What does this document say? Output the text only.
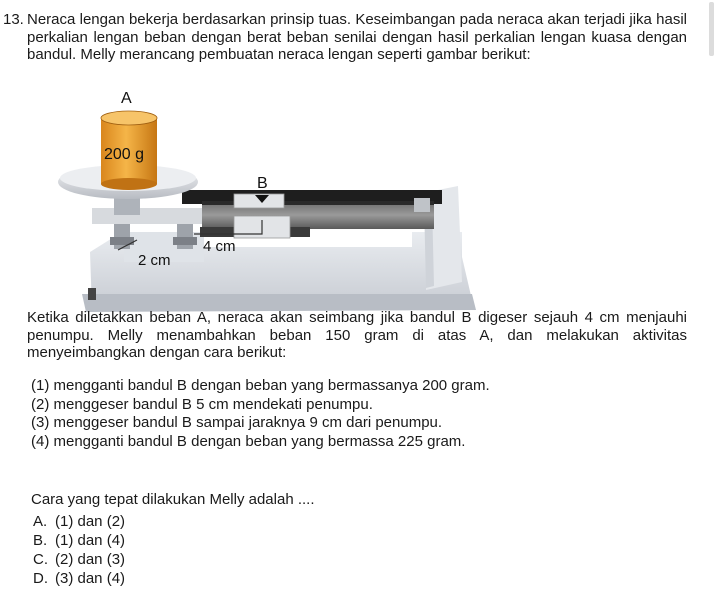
13. Neraca lengan bekerja berdasarkan prinsip tuas. Keseimbangan pada neraca akan terjadi jika hasil perkalian lengan beban dengan berat beban senilai dengan hasil perkalian lengan kuasa dengan bandul. Melly merancang pembuatan neraca lengan seperti gambar berikut:
A
200 g
B
4 cm
2 cm
Ketika diletakkan beban A, neraca akan seimbang jika bandul B digeser sejauh 4 cm menjauhi penumpu. Melly menambahkan beban 150 gram di atas A, dan melakukan aktivitas menyeimbangkan dengan cara berikut:
(1) mengganti bandul B dengan beban yang bermassanya 200 gram.
(2) menggeser bandul B 5 cm mendekati penumpu.
(3) menggeser bandul B sampai jaraknya 9 cm dari penumpu.
(4) mengganti bandul B dengan beban yang bermassa 225 gram.
Cara yang tepat dilakukan Melly adalah ....
A. (1) dan (2)
B. (1) dan (4)
C. (2) dan (3)
D. (3) dan (4)
